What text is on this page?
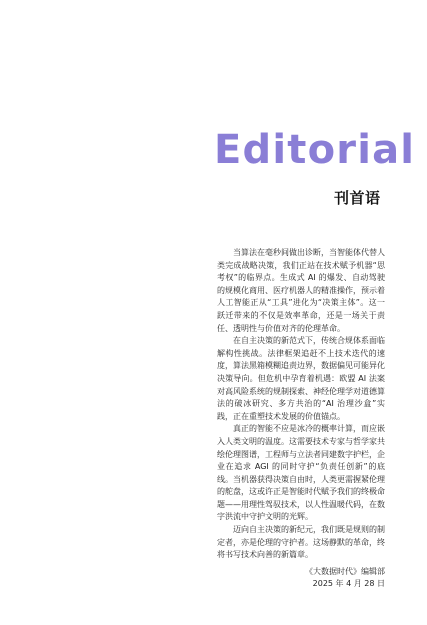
Editorial
刊首语

当算法在毫秒间做出诊断，当智能体代替人类完成战略决策，我们正站在技术赋予机器“思考权”的临界点。生成式 AI 的爆发、自动驾驶的规模化商用、医疗机器人的精准操作，预示着人工智能正从“工具”进化为“决策主体”。这一跃迁带来的不仅是效率革命，还是一场关于责任、透明性与价值对齐的伦理革命。

在自主决策的新范式下，传统合规体系面临解构性挑战。法律框架追赶不上技术迭代的速度，算法黑箱模糊追责边界，数据偏见可能异化决策导向。但危机中孕育着机遇：欧盟 AI 法案对高风险系统的规制探索、神经伦理学对道德算法的破冰研究、多方共治的“AI 治理沙盒”实践，正在重塑技术发展的价值锚点。

真正的智能不应是冰冷的概率计算，而应嵌入人类文明的温度。这需要技术专家与哲学家共绘伦理图谱，工程师与立法者同建数字护栏，企业在追求 AGI 的同时守护“负责任创新”的底线。当机器获得决策自由时，人类更需握紧伦理的舵盘，这或许正是智能时代赋予我们的终极命题——用理性驾驭技术，以人性温暖代码，在数字洪流中守护文明的光辉。

迈向自主决策的新纪元，我们既是规则的制定者，亦是伦理的守护者。这场静默的革命，终将书写技术向善的新篇章。

《大数据时代》编辑部
2025 年 4 月 28 日
